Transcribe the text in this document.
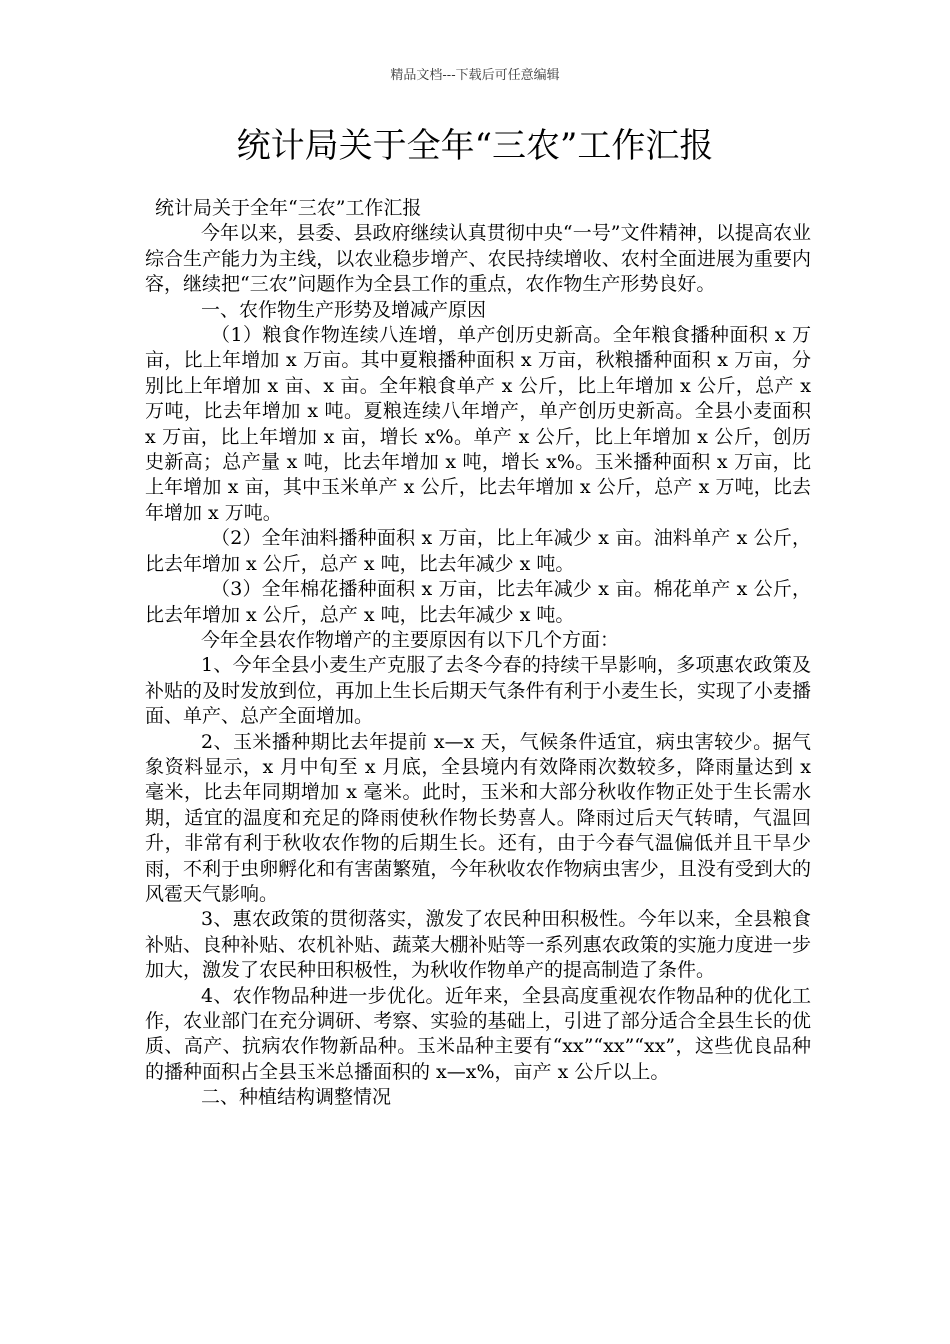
精品文档---下载后可任意编辑
统计局关于全年“三农”工作汇报

统计局关于全年“三农”工作汇报

今年以来，县委、县政府继续认真贯彻中央“一号”文件精神，以提高农业综合生产能力为主线，以农业稳步增产、农民持续增收、农村全面进展为重要内容，继续把“三农”问题作为全县工作的重点，农作物生产形势良好。

一、农作物生产形势及增减产原因

（1）粮食作物连续八连增，单产创历史新高。全年粮食播种面积 x 万亩，比上年增加 x 万亩。其中夏粮播种面积 x 万亩，秋粮播种面积 x 万亩，分别比上年增加 x 亩、x 亩。全年粮食单产 x 公斤，比上年增加 x 公斤，总产 x 万吨，比去年增加 x 吨。夏粮连续八年增产，单产创历史新高。全县小麦面积 x 万亩，比上年增加 x 亩，增长 x%。单产 x 公斤，比上年增加 x 公斤，创历史新高；总产量 x 吨，比去年增加 x 吨，增长 x%。玉米播种面积 x 万亩，比上年增加 x 亩，其中玉米单产 x 公斤，比去年增加 x 公斤，总产 x 万吨，比去年增加 x 万吨。

（2）全年油料播种面积 x 万亩，比上年减少 x 亩。油料单产 x 公斤，比去年增加 x 公斤，总产 x 吨，比去年减少 x 吨。

（3）全年棉花播种面积 x 万亩，比去年减少 x 亩。棉花单产 x 公斤，比去年增加 x 公斤，总产 x 吨，比去年减少 x 吨。

今年全县农作物增产的主要原因有以下几个方面：

1、今年全县小麦生产克服了去冬今春的持续干旱影响，多项惠农政策及补贴的及时发放到位，再加上生长后期天气条件有利于小麦生长，实现了小麦播面、单产、总产全面增加。

2、玉米播种期比去年提前 x—x 天，气候条件适宜，病虫害较少。据气象资料显示，x 月中旬至 x 月底，全县境内有效降雨次数较多，降雨量达到 x 毫米，比去年同期增加 x 毫米。此时，玉米和大部分秋收作物正处于生长需水期，适宜的温度和充足的降雨使秋作物长势喜人。降雨过后天气转晴，气温回升，非常有利于秋收农作物的后期生长。还有，由于今春气温偏低并且干旱少雨，不利于虫卵孵化和有害菌繁殖，今年秋收农作物病虫害少，且没有受到大的风雹天气影响。

3、惠农政策的贯彻落实，激发了农民种田积极性。今年以来，全县粮食补贴、良种补贴、农机补贴、蔬菜大棚补贴等一系列惠农政策的实施力度进一步加大，激发了农民种田积极性，为秋收作物单产的提高制造了条件。

4、农作物品种进一步优化。近年来，全县高度重视农作物品种的优化工作，农业部门在充分调研、考察、实验的基础上，引进了部分适合全县生长的优质、高产、抗病农作物新品种。玉米品种主要有“xx”“xx”“xx”，这些优良品种的播种面积占全县玉米总播面积的 x—x%，亩产 x 公斤以上。

二、种植结构调整情况
